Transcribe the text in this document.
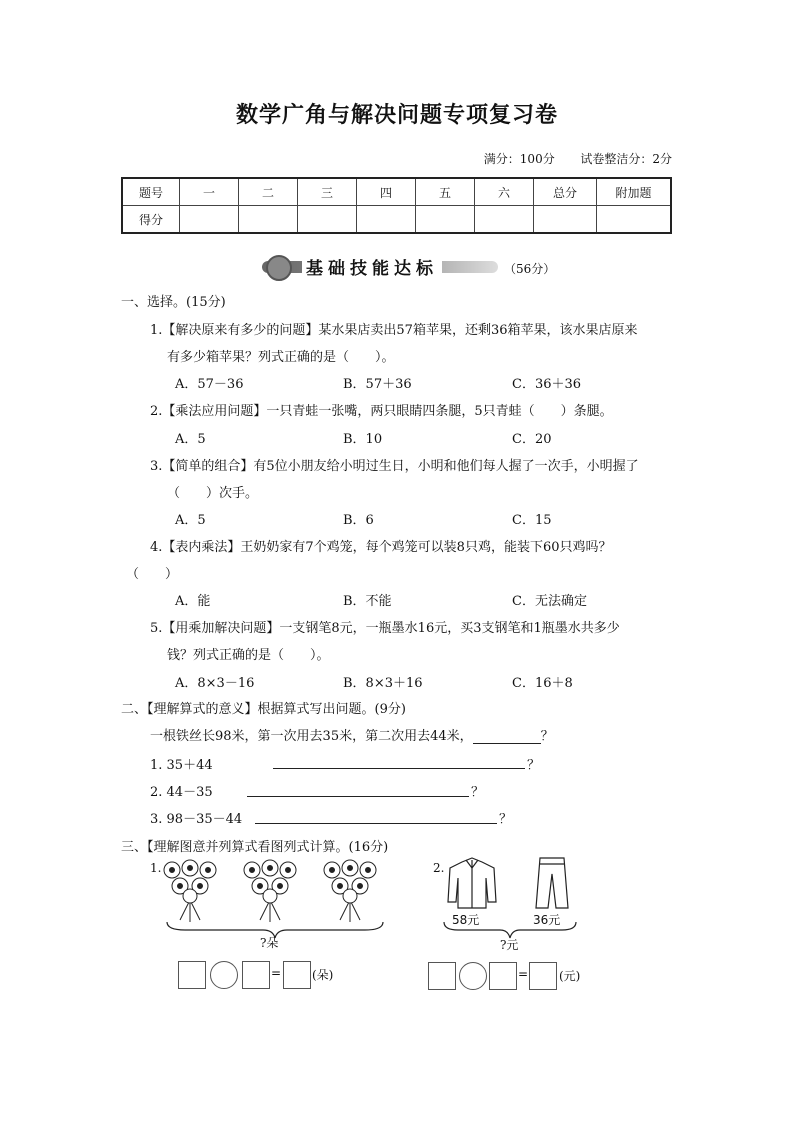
数学广角与解决问题专项复习卷
满分：100分 试卷整洁分：2分
题号	一	二	三	四	五	六	总分	附加题
得分								
基础技能达标	（56分）
一、选择。(15分)
1.【解决原来有多少的问题】某水果店卖出57箱苹果，还剩36箱苹果，该水果店原来
有多少箱苹果？列式正确的是（　　）。
A．57－36	B．57＋36	C．36＋36
2.【乘法应用问题】一只青蛙一张嘴，两只眼睛四条腿，5只青蛙（　　）条腿。
A．5	B．10	C．20
3.【简单的组合】有5位小朋友给小明过生日，小明和他们每人握了一次手，小明握了
（　　）次手。
A．5	B．6	C．15
4.【表内乘法】王奶奶家有7个鸡笼，每个鸡笼可以装8只鸡，能装下60只鸡吗？
（　　）
A．能	B．不能	C．无法确定
5.【用乘加解决问题】一支钢笔8元，一瓶墨水16元，买3支钢笔和1瓶墨水共多少
钱？列式正确的是（　　）。
A．8×3－16	B．8×3＋16	C．16＋8
二、【理解算式的意义】根据算式写出问题。(9分)
一根铁丝长98米，第一次用去35米，第二次用去44米，	？
1. 35＋44	？
2. 44－35	？
3. 98－35－44	？
三、【理解图意并列算式看图列式计算。(16分)
1.
?朵
=	(朵)
2.
58元	36元
?元
=	(元)
